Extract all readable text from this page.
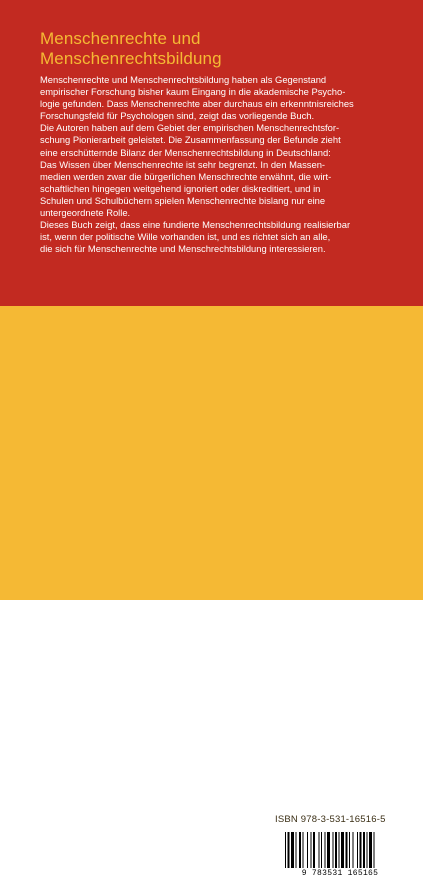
Menschenrechte und
Menschenrechtsbildung
Menschenrechte und Menschenrechtsbildung haben als Gegenstand
empirischer Forschung bisher kaum Eingang in die akademische Psycho-
logie gefunden. Dass Menschenrechte aber durchaus ein erkenntnisreiches
Forschungsfeld für Psychologen sind, zeigt das vorliegende Buch.
Die Autoren haben auf dem Gebiet der empirischen Menschenrechtsfor-
schung Pionierarbeit geleistet. Die Zusammenfassung der Befunde zieht
eine erschütternde Bilanz der Menschenrechtsbildung in Deutschland:
Das Wissen über Menschenrechte ist sehr begrenzt. In den Massen-
medien werden zwar die bürgerlichen Menschrechte erwähnt, die wirt-
schaftlichen hingegen weitgehend ignoriert oder diskreditiert, und in
Schulen und Schulbüchern spielen Menschenrechte bislang nur eine
untergeordnete Rolle.
Dieses Buch zeigt, dass eine fundierte Menschenrechtsbildung realisierbar
ist, wenn der politische Wille vorhanden ist, und es richtet sich an alle,
die sich für Menschenrechte und Menschrechtsbildung interessieren.
Prof. Dr. Gert Sommer, bis 2006 Professor für Klinische Psychologie und Gemeindepsychologie in Marburg, ist heute Ehrenvorsitzender des Forum Friedenspsychologie und Mitglied im Direktorium des Zentrums für Konfliktforschung der Philipps-Universität Marburg.
Dr. Jost Stellmacher ist wissenschaftlicher Mitarbeiter am Fachbereich Psychologie der Philipps-Universität Marburg, Mitglied im Direktorium des dortigen Zentrums für Konfliktforschung und Vorstandsmitglied des Forum Friedenspsychologie.
www.vs-verlag.de
VS VERLAG FÜR SOZIALWISSENSCHAFTEN
ISBN 978-3-531-16516-5
9 783531 165165
